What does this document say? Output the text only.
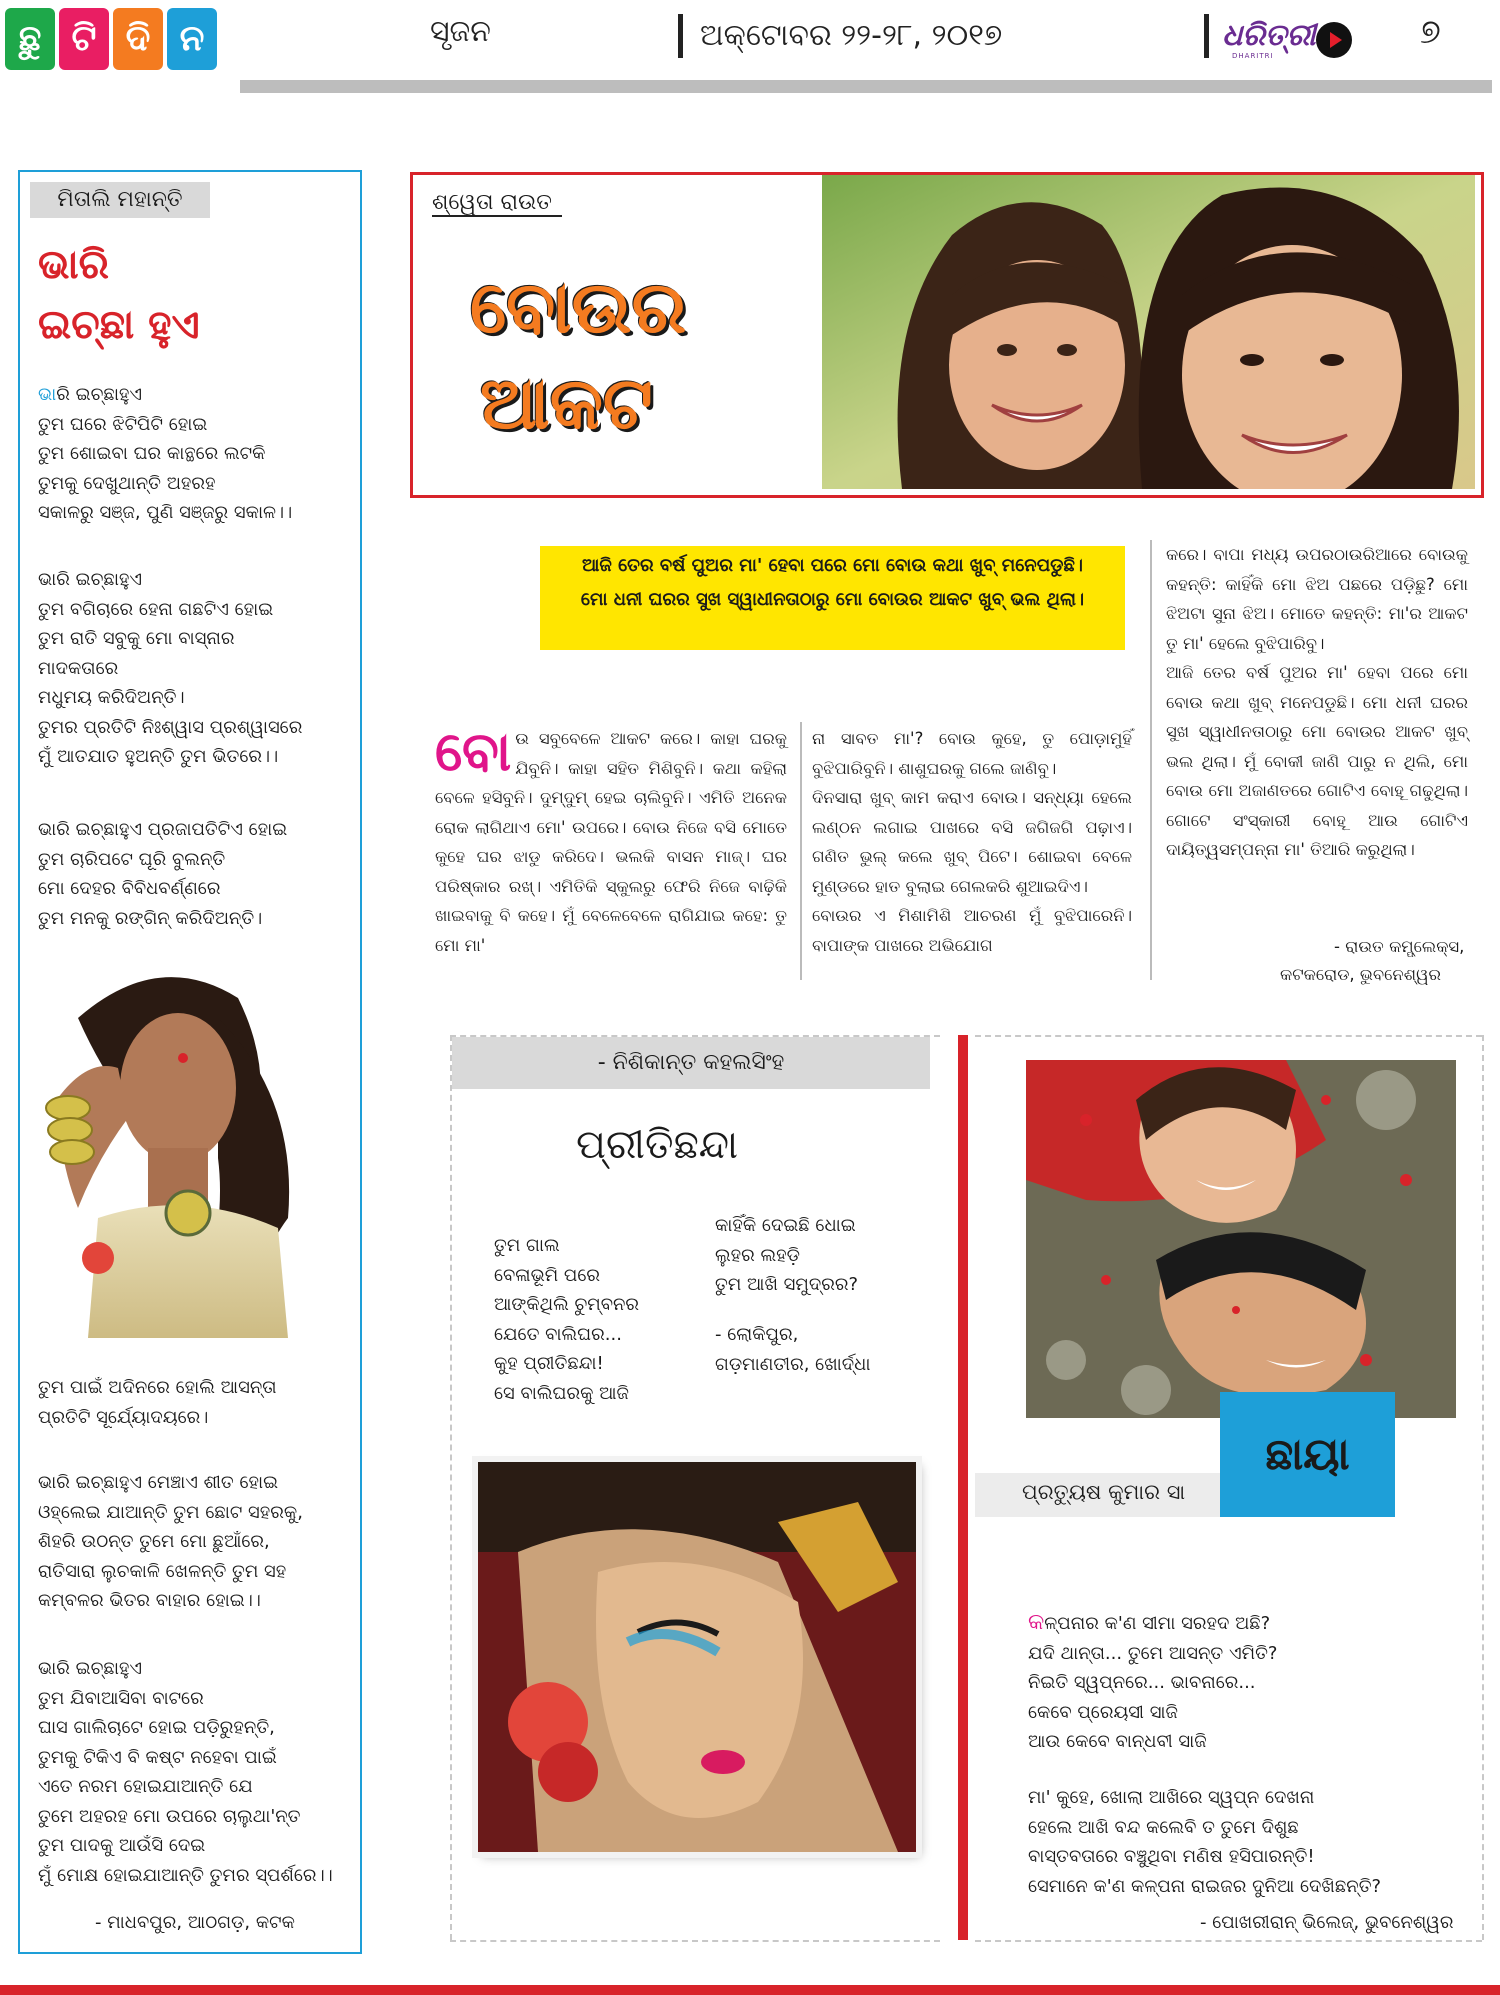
ଛୁ ଟି ଦି ନ	ସୃଜନ	ଅକ୍ଟୋବର ୨୨-୨୮, ୨୦୧୭	ଧରିତ୍ରୀ
DHARITRI
୭
ମିତାଲି ମହାନ୍ତି
ଭାରି
ଇଚ୍ଛା ହୁଏ
ଭାରି ଇଚ୍ଛାହୁଏ
ତୁମ ଘରେ ଝିଟିପିଟି ହୋଇ
ତୁମ ଶୋଇବା ଘର କାନ୍ଥରେ ଲଟକି
ତୁମକୁ ଦେଖୁଥାନ୍ତି ଅହରହ
ସକାଳରୁ ସଞ୍ଜ, ପୁଣି ସଞ୍ଜରୁ ସକାଳ।।
ଭାରି ଇଚ୍ଛାହୁଏ
ତୁମ ବଗିଚାରେ ହେନା ଗଛଟିଏ ହୋଇ
ତୁମ ରାତି ସବୁକୁ ମୋ ବାସ୍ନାର
ମାଦକତାରେ
ମଧୁମୟ କରିଦିଅନ୍ତି।
ତୁମର ପ୍ରତିଟି ନିଃଶ୍ୱାସ ପ୍ରଶ୍ୱାସରେ
ମୁଁ ଆତଯାତ ହୁଅନ୍ତି ତୁମ ଭିତରେ।।
ଭାରି ଇଚ୍ଛାହୁଏ ପ୍ରଜାପତିଟିଏ ହୋଇ
ତୁମ ଚାରିପଟେ ଘୂରି ବୁଲନ୍ତି
ମୋ ଦେହର ବିବିଧବର୍ଣ୍ଣରେ
ତୁମ ମନକୁ ରଙ୍ଗିନ୍ କରିଦିଅନ୍ତି।
ତୁମ ପାଇଁ ଅଦିନରେ ହୋଲି ଆସନ୍ତା
ପ୍ରତିଟି ସୂର୍ଯ୍ୟୋଦୟରେ।
ଭାରି ଇଚ୍ଛାହୁଏ ମେଞ୍ଚାଏ ଶୀତ ହୋଇ
ଓହ୍ଲେଇ ଯାଆନ୍ତି ତୁମ ଛୋଟ ସହରକୁ,
ଶିହରି ଉଠନ୍ତ ତୁମେ ମୋ ଛୁଆଁରେ,
ରାତିସାରା ଲୁଚକାଳି ଖେଳନ୍ତି ତୁମ ସହ
କମ୍ବଳର ଭିତର ବାହାର ହୋଇ।।
ଭାରି ଇଚ୍ଛାହୁଏ
ତୁମ ଯିବାଆସିବା ବାଟରେ
ଘାସ ଗାଲିଚାଟେ ହୋଇ ପଡ଼ିରୁହନ୍ତି,
ତୁମକୁ ଟିକିଏ ବି କଷ୍ଟ ନହେବା ପାଇଁ
ଏତେ ନରମ ହୋଇଯାଆନ୍ତି ଯେ
ତୁମେ ଅହରହ ମୋ ଉପରେ ଚାଲୁଥା'ନ୍ତ
ତୁମ ପାଦକୁ ଆଉଁସି ଦେଇ
ମୁଁ ମୋକ୍ଷ ହୋଇଯାଆନ୍ତି ତୁମର ସ୍ପର୍ଶରେ।।
- ମାଧବପୁର, ଆଠଗଡ଼, କଟକ
ଶ୍ୱେତା ରାଉତ
ବୋଉର
ଆକଟ
ଆଜି ତେର ବର୍ଷ ପୁଅର ମା' ହେବା ପରେ ମୋ ବୋଉ କଥା ଖୁବ୍ ମନେପଡୁଛି। ମୋ ଧନୀ ଘରର ସୁଖ ସ୍ୱାଧୀନତାଠାରୁ ମୋ ବୋଉର ଆକଟ ଖୁବ୍ ଭଲ ଥିଲା।
ବୋଉ ସବୁବେଳେ ଆକଟ କରେ। କାହା ଘରକୁ ଯିବୁନି। କାହା ସହିତ ମିଶିବୁନି। କଥା କହିଲା ବେଳେ ହସିବୁନି। ଦୁମ୍‌ଦୁମ୍ ହେଇ ଚାଲିବୁନି। ଏମିତି ଅନେକ ରୋକ ଲାଗିଥାଏ ମୋ' ଉପରେ। ବୋଉ ନିଜେ ବସି ମୋତେ କୁହେ ଘର ଝାଡୁ କରିଦେ। ଭଲକି ବାସନ ମାଜ୍। ଘର ପରିଷ୍କାର ରଖ୍। ଏମିତିକି ସ୍କୁଲରୁ ଫେରି ନିଜେ ବାଢ଼ିକି ଖାଇବାକୁ ବି କହେ। ମୁଁ ବେଳେବେଳେ ରାଗିଯାଇ କହେ: ତୁ ମୋ ମା'
ନା ସାବତ ମା'? ବୋଉ କୁହେ, ତୁ ପୋଡ଼ାମୁହିଁ ବୁଝିପାରିବୁନି। ଶାଶୁଘରକୁ ଗଲେ ଜାଣିବୁ।
ଦିନସାରା ଖୁବ୍ କାମ କରାଏ ବୋଉ। ସନ୍ଧ୍ୟା ହେଲେ ଲଣ୍ଠନ ଲଗାଇ ପାଖରେ ବସି ଜଗିଜଗି ପଢ଼ାଏ। ଗଣିତ ଭୁଲ୍ କଲେ ଖୁବ୍ ପିଟେ। ଶୋଇବା ବେଳେ ମୁଣ୍ଡରେ ହାତ ବୁଲାଇ ଗେଲକରି ଶୁଆଇଦିଏ।
ବୋଉର ଏ ମିଶାମିଶି ଆଚରଣ ମୁଁ ବୁଝିପାରେନି। ବାପାଙ୍କ ପାଖରେ ଅଭିଯୋଗ
କରେ। ବାପା ମଧ୍ୟ ଉପରଠାଉରିଆରେ ବୋଉକୁ କହନ୍ତି: କାହିଁକି ମୋ ଝିଅ ପଛରେ ପଡ଼ିଛୁ? ମୋ ଝିଅଟା ସୁନା ଝିଅ। ମୋତେ କହନ୍ତି: ମା'ର ଆକଟ ତୁ ମା' ହେଲେ ବୁଝିପାରିବୁ।
ଆଜି ତେର ବର୍ଷ ପୁଅର ମା' ହେବା ପରେ ମୋ ବୋଉ କଥା ଖୁବ୍ ମନେପଡୁଛି। ମୋ ଧନୀ ଘରର ସୁଖ ସ୍ୱାଧୀନତାଠାରୁ ମୋ ବୋଉର ଆକଟ ଖୁବ୍ ଭଲ ଥିଲା। ମୁଁ ବୋକୀ ଜାଣି ପାରୁ ନ ଥିଲି, ମୋ ବୋଉ ମୋ ଅଜାଣତରେ ଗୋଟିଏ ବୋହୂ ଗଢୁଥିଲା। ଗୋଟେ ସଂସ୍କାରୀ ବୋହୂ ଆଉ ଗୋଟିଏ ଦାୟିତ୍ୱସମ୍ପନ୍ନା ମା' ତିଆରି କରୁଥିଲା।
- ରାଉତ କମ୍ପ୍ଲେକ୍ସ,
କଟକରୋଡ, ଭୁବନେଶ୍ୱର
- ନିଶିକାନ୍ତ କହଲସିଂହ
ପ୍ରୀତିଛନ୍ଦା
ତୁମ ଗାଲ
ବେଳାଭୂମି ପରେ
ଆଙ୍କିଥିଲି ଚୁମ୍ବନର
ଯେତେ ବାଲିଘର...
କୁହ ପ୍ରୀତିଛନ୍ଦା!
ସେ ବାଲିଘରକୁ ଆଜି
କାହିଁକି ଦେଇଛି ଧୋଇ
ଲୁହର ଲହଡ଼ି
ତୁମ ଆଖି ସମୁଦ୍ରର?
- ଲୋକିପୁର,
ଗଡ଼ମାଣତୀର, ଖୋର୍ଦ୍ଧା
ଛାୟା
ପ୍ରତ୍ୟୁଷ କୁମାର ସା
କଳ୍ପନାର କ'ଣ ସୀମା ସରହଦ ଅଛି?
ଯଦି ଥାନ୍ତା... ତୁମେ ଆସନ୍ତ ଏମିତି?
ନିଇତି ସ୍ୱପ୍ନରେ... ଭାବନାରେ...
କେବେ ପ୍ରେୟସୀ ସାଜି
ଆଉ କେବେ ବାନ୍ଧବୀ ସାଜି
ମା' କୁହେ, ଖୋଲା ଆଖିରେ ସ୍ୱପ୍ନ ଦେଖନା
ହେଲେ ଆଖି ବନ୍ଦ କଲେବି ତ ତୁମେ ଦିଶୁଛ
ବାସ୍ତବତାରେ ବଞ୍ଚୁଥିବା ମଣିଷ ହସିପାରନ୍ତି!
ସେମାନେ କ'ଣ କଳ୍ପନା ରାଇଜର ଦୁନିଆ ଦେଖିଛନ୍ତି?
- ପୋଖରୀରାନ୍ ଭିଲେଜ୍, ଭୁବନେଶ୍ୱର
